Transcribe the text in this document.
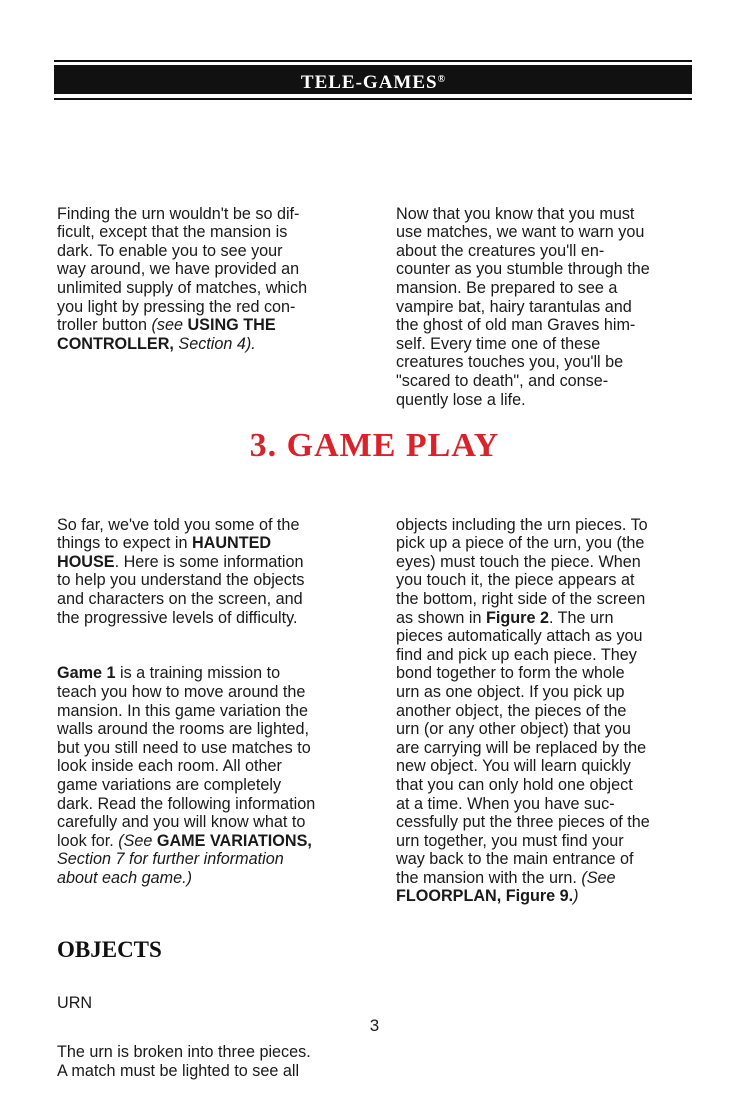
TELE-GAMES®

Finding the urn wouldn't be so dif-
ficult, except that the mansion is
dark. To enable you to see your
way around, we have provided an
unlimited supply of matches, which
you light by pressing the red con-
troller button (see USING THE
CONTROLLER, Section 4).

Now that you know that you must
use matches, we want to warn you
about the creatures you'll en-
counter as you stumble through the
mansion. Be prepared to see a
vampire bat, hairy tarantulas and
the ghost of old man Graves him-
self. Every time one of these
creatures touches you, you'll be
"scared to death", and conse-
quently lose a life.

3. GAME PLAY

So far, we've told you some of the
things to expect in HAUNTED
HOUSE. Here is some information
to help you understand the objects
and characters on the screen, and
the progressive levels of difficulty.

Game 1 is a training mission to
teach you how to move around the
mansion. In this game variation the
walls around the rooms are lighted,
but you still need to use matches to
look inside each room. All other
game variations are completely
dark. Read the following information
carefully and you will know what to
look for. (See GAME VARIATIONS,
Section 7 for further information
about each game.)

OBJECTS

URN

The urn is broken into three pieces.
A match must be lighted to see all

objects including the urn pieces. To
pick up a piece of the urn, you (the
eyes) must touch the piece. When
you touch it, the piece appears at
the bottom, right side of the screen
as shown in Figure 2. The urn
pieces automatically attach as you
find and pick up each piece. They
bond together to form the whole
urn as one object. If you pick up
another object, the pieces of the
urn (or any other object) that you
are carrying will be replaced by the
new object. You will learn quickly
that you can only hold one object
at a time. When you have suc-
cessfully put the three pieces of the
urn together, you must find your
way back to the main entrance of
the mansion with the urn. (See
FLOORPLAN, Figure 9.)

3
